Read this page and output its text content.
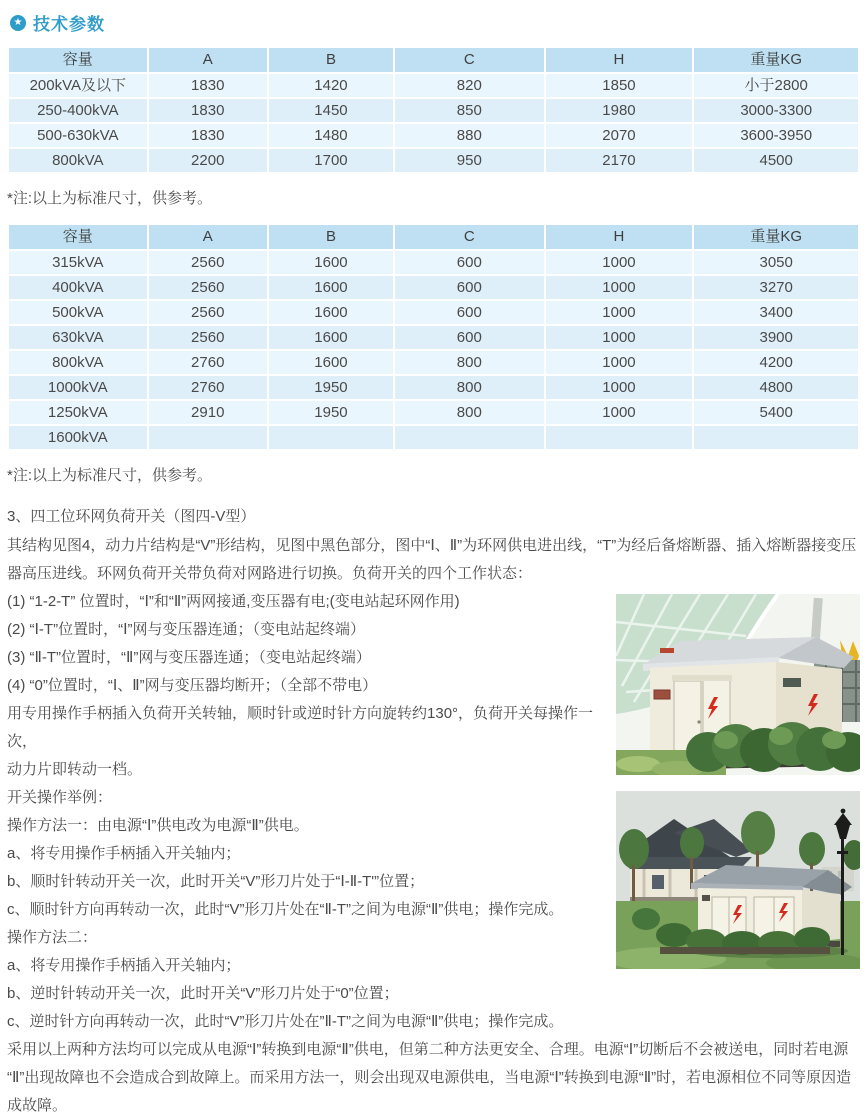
★ 技术参数
容量	A	B	C	H	重量KG
200kVA及以下	1830	1420	820	1850	小于2800
250-400kVA	1830	1450	850	1980	3000-3300
500-630kVA	1830	1480	880	2070	3600-3950
800kVA	2200	1700	950	2170	4500
*注:以上为标准尺寸，供参考。
容量	A	B	C	H	重量KG
315kVA	2560	1600	600	1000	3050
400kVA	2560	1600	600	1000	3270
500kVA	2560	1600	600	1000	3400
630kVA	2560	1600	600	1000	3900
800kVA	2760	1600	800	1000	4200
1000kVA	2760	1950	800	1000	4800
1250kVA	2910	1950	800	1000	5400
1600kVA					
*注:以上为标准尺寸，供参考。

3、四工位环网负荷开关（图四-V型）

其结构见图4，动力片结构是“V”形结构，见图中黑色部分，图中“Ⅰ、Ⅱ”为环网供电进出线，“T”为经后备熔断器、插入熔断器接变压

器高压进线。环网负荷开关带负荷对网路进行切换。负荷开关的四个工作状态：

(1) “1-2-T” 位置时，“Ⅰ”和“Ⅱ”两网接通,变压器有电;(变电站起环网作用)

(2) “Ⅰ-T”位置时，“Ⅰ”网与变压器连通；（变电站起终端）

(3) “Ⅱ-T”位置时，“Ⅱ”网与变压器连通；（变电站起终端）

(4) “0”位置时，“Ⅰ、Ⅱ”网与变压器均断开；（全部不带电）

用专用操作手柄插入负荷开关转轴，顺时针或逆时针方向旋转约130°，负荷开关每操作一次，

动力片即转动一档。

开关操作举例：

操作方法一：由电源“Ⅰ”供电改为电源“Ⅱ”供电。

a、将专用操作手柄插入开关轴内；

b、顺时针转动开关一次，此时开关“V”形刀片处于“Ⅰ-Ⅱ-T'”位置；

c、顺时针方向再转动一次，此时“V”形刀片处在“Ⅱ-T”之间为电源“Ⅱ”供电；操作完成。

操作方法二：

a、将专用操作手柄插入开关轴内；

b、逆时针转动开关一次，此时开关“V”形刀片处于“0”位置；

c、逆时针方向再转动一次，此时“V”形刀片处在”Ⅱ-T”之间为电源“Ⅱ”供电；操作完成。

采用以上两种方法均可以完成从电源“Ⅰ”转换到电源“Ⅱ”供电，但第二种方法更安全、合理。电源“Ⅰ”切断后不会被送电，同时若电源

“Ⅱ”出现故障也不会造成合到故障上。而采用方法一，则会出现双电源供电，当电源“Ⅰ”转换到电源“Ⅱ”时，若电源相位不同等原因造

成故障。
